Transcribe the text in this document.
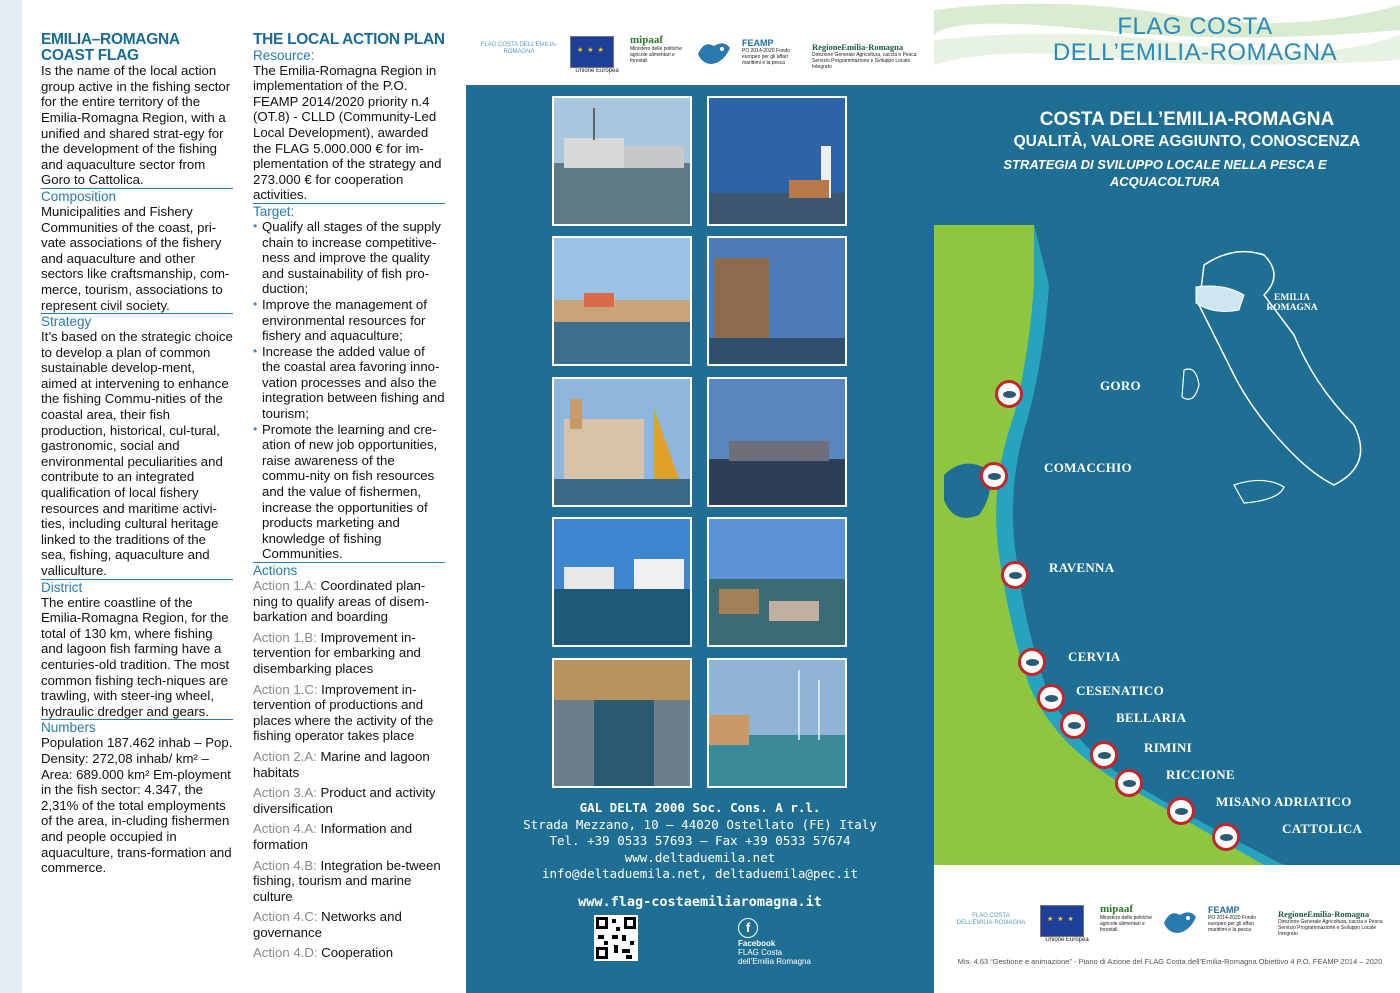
EMILIA–ROMAGNA COAST FLAG
Is the name of the local action group active in the fishing sector for the entire territory of the Emilia-Romagna Region, with a unified and shared strat-egy for the development of the fishing and aquaculture sector from Goro to Cattolica.
Composition
Municipalities and Fishery Communities of the coast, pri-vate associations of the fishery and aquaculture and other sectors like craftsmanship, com-merce, tourism, associations to represent civil society.
Strategy
It’s based on the strategic choice to develop a plan of common sustainable develop-ment, aimed at intervening to enhance the fishing Commu-nities of the coastal area, their fish production, historical, cul-tural, gastronomic, social and environmental peculiarities and contribute to an integrated qualification of local fishery resources and maritime activi-ties, including cultural heritage linked to the traditions of the sea, fishing, aquaculture and valliculture.
District
The entire coastline of the Emilia-Romagna Region, for the total of 130 km, where fishing and lagoon fish farming have a centuries-old tradition. The most common fishing tech-niques are trawling, with steer-ing wheel, hydraulic dredger and gears.
Numbers
Population 187.462 inhab – Pop. Density: 272,08 inhab/ km² – Area: 689.000 km² Em-ployment in the fish sector: 4.347, the 2,31% of the total employments of the area, in-cluding fishermen and people occupied in aquaculture, trans-formation and commerce.
THE LOCAL ACTION PLAN
Resource:
The Emilia-Romagna Region in implementation of the P.O. FEAMP 2014/2020 priority n.4 (OT.8) - CLLD (Community-Led Local Development), awarded the FLAG 5.000.000 € for im-plementation of the strategy and 273.000 € for cooperation activities.
Target:
• Qualify all stages of the supply chain to increase competitive-ness and improve the quality and sustainability of fish pro-duction;
• Improve the management of environmental resources for fishery and aquaculture;
• Increase the added value of the coastal area favoring inno-vation processes and also the integration between fishing and tourism;
• Promote the learning and cre-ation of new job opportunities, raise awareness of the commu-nity on fish resources and the value of fishermen, increase the opportunities of products marketing and knowledge of fishing Communities.
Actions
Action 1.A: Coordinated plan-ning to qualify areas of disem-barkation and boarding
Action 1.B: Improvement in-tervention for embarking and disembarking places
Action 1.C: Improvement in-tervention of productions and places where the activity of the fishing operator takes place
Action 2.A: Marine and lagoon habitats
Action 3.A: Product and activity diversification
Action 4.A: Information and formation
Action 4.B: Integration be-tween fishing, tourism and marine culture
Action 4.C: Networks and governance
Action 4.D: Cooperation
FLAG COSTA DELL’EMILIA-ROMAGNA
★ ★ ★
Unione Europea
mipaaf
Ministero delle politiche agricole alimentari e forestali
FEAMP
PO 2014-2020 Fondo europeo per gli affari marittimi e la pesca
RegioneEmilia-Romagna
Direzione Generale Agricoltura, caccia e Pesca Servizio Programmazione e Sviluppo Locale Integrato
GAL DELTA 2000 Soc. Cons. A r.l.
Strada Mezzano, 10 – 44020 Ostellato (FE) Italy
Tel. +39 0533 57693 – Fax +39 0533 57674
www.deltaduemila.net
info@deltaduemila.net, deltaduemila@pec.it
www.flag-costaemiliaromagna.it
f
Facebook
FLAG Costa dell’Emilia Romagna
FLAG COSTA
DELL’EMILIA-ROMAGNA
COSTA DELL’EMILIA-ROMAGNA
QUALITÀ, VALORE AGGIUNTO, CONOSCENZA
STRATEGIA DI SVILUPPO LOCALE NELLA PESCA E ACQUACOLTURA
EMILIA ROMAGNA
GORO
COMACCHIO
RAVENNA
CERVIA
CESENATICO
BELLARIA
RIMINI
RICCIONE
MISANO ADRIATICO
CATTOLICA
FLAG COSTA DELL’EMILIA-ROMAGNA
★ ★ ★
Unione Europea
mipaaf
Ministero delle politiche agricole alimentari e forestali
FEAMP
PO 2014-2020 Fondo europeo per gli affari marittimi e la pesca
RegioneEmilia-Romagna
Direzione Generale Agricoltura, caccia e Pesca Servizio Programmazione e Sviluppo Locale Integrato
Mis. 4.63 “Gestione e animazione” - Piano di Azione del FLAG Costa dell’Emilia-Romagna Obiettivo 4 P.O. FEAMP 2014 – 2020
